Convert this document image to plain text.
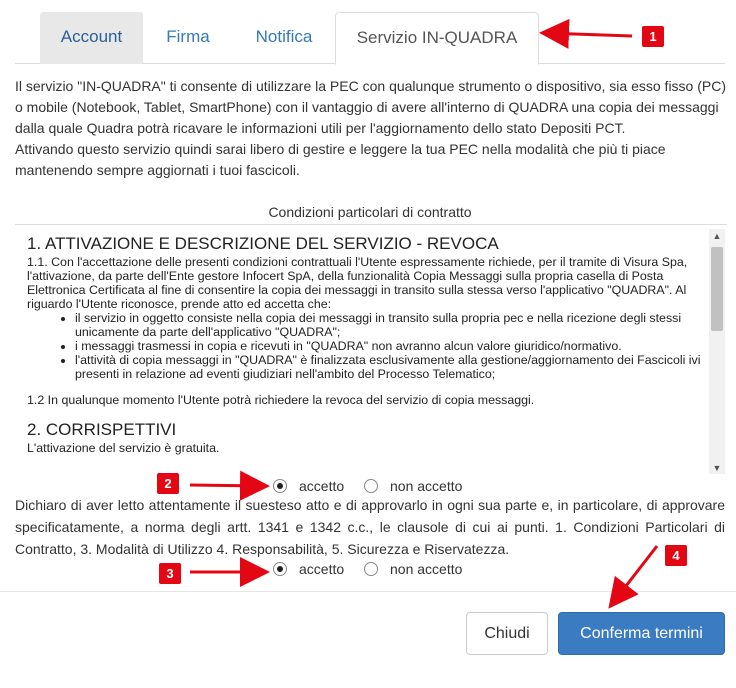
Account	Firma	Notifica	Servizio IN-QUADRA

Il servizio "IN-QUADRA" ti consente di utilizzare la PEC con qualunque strumento o dispositivo, sia esso fisso (PC) o mobile (Notebook, Tablet, SmartPhone) con il vantaggio di avere all'interno di QUADRA una copia dei messaggi dalla quale Quadra potrà ricavare le informazioni utili per l'aggiornamento dello stato Depositi PCT.

Attivando questo servizio quindi sarai libero di gestire e leggere la tua PEC nella modalità che più ti piace mantenendo sempre aggiornati i tuoi fascicoli.

Condizioni particolari di contratto
1. ATTIVAZIONE E DESCRIZIONE DEL SERVIZIO - REVOCA

1.1. Con l'accettazione delle presenti condizioni contrattuali l'Utente espressamente richiede, per il tramite di Visura Spa, l'attivazione, da parte dell'Ente gestore Infocert SpA, della funzionalità Copia Messaggi sulla propria casella di Posta Elettronica Certificata al fine di consentire la copia dei messaggi in transito sulla stessa verso l'applicativo "QUADRA". Al riguardo l'Utente riconosce, prende atto ed accetta che:

• il servizio in oggetto consiste nella copia dei messaggi in transito sulla propria pec e nella ricezione degli stessi unicamente da parte dell'applicativo "QUADRA";
• i messaggi trasmessi in copia e ricevuti in "QUADRA" non avranno alcun valore giuridico/normativo.
• l'attività di copia messaggi in "QUADRA" è finalizzata esclusivamente alla gestione/aggiornamento dei Fascicoli ivi presenti in relazione ad eventi giudiziari nell'ambito del Processo Telematico;

1.2 In qualunque momento l'Utente potrà richiedere la revoca del servizio di copia messaggi.

2. CORRISPETTIVI

L'attivazione del servizio è gratuita.

▲
▼
accetto	non accetto
Dichiaro di aver letto attentamente il suesteso atto e di approvarlo in ogni sua parte e, in particolare, di approvare specificatamente, a norma degli artt. 1341 e 1342 c.c., le clausole di cui ai punti. 1. Condizioni Particolari di Contratto, 3. Modalità di Utilizzo 4. Responsabilità, 5. Sicurezza e Riservatezza.
accetto	non accetto
Chiudi	Conferma termini
1
2
3
4
